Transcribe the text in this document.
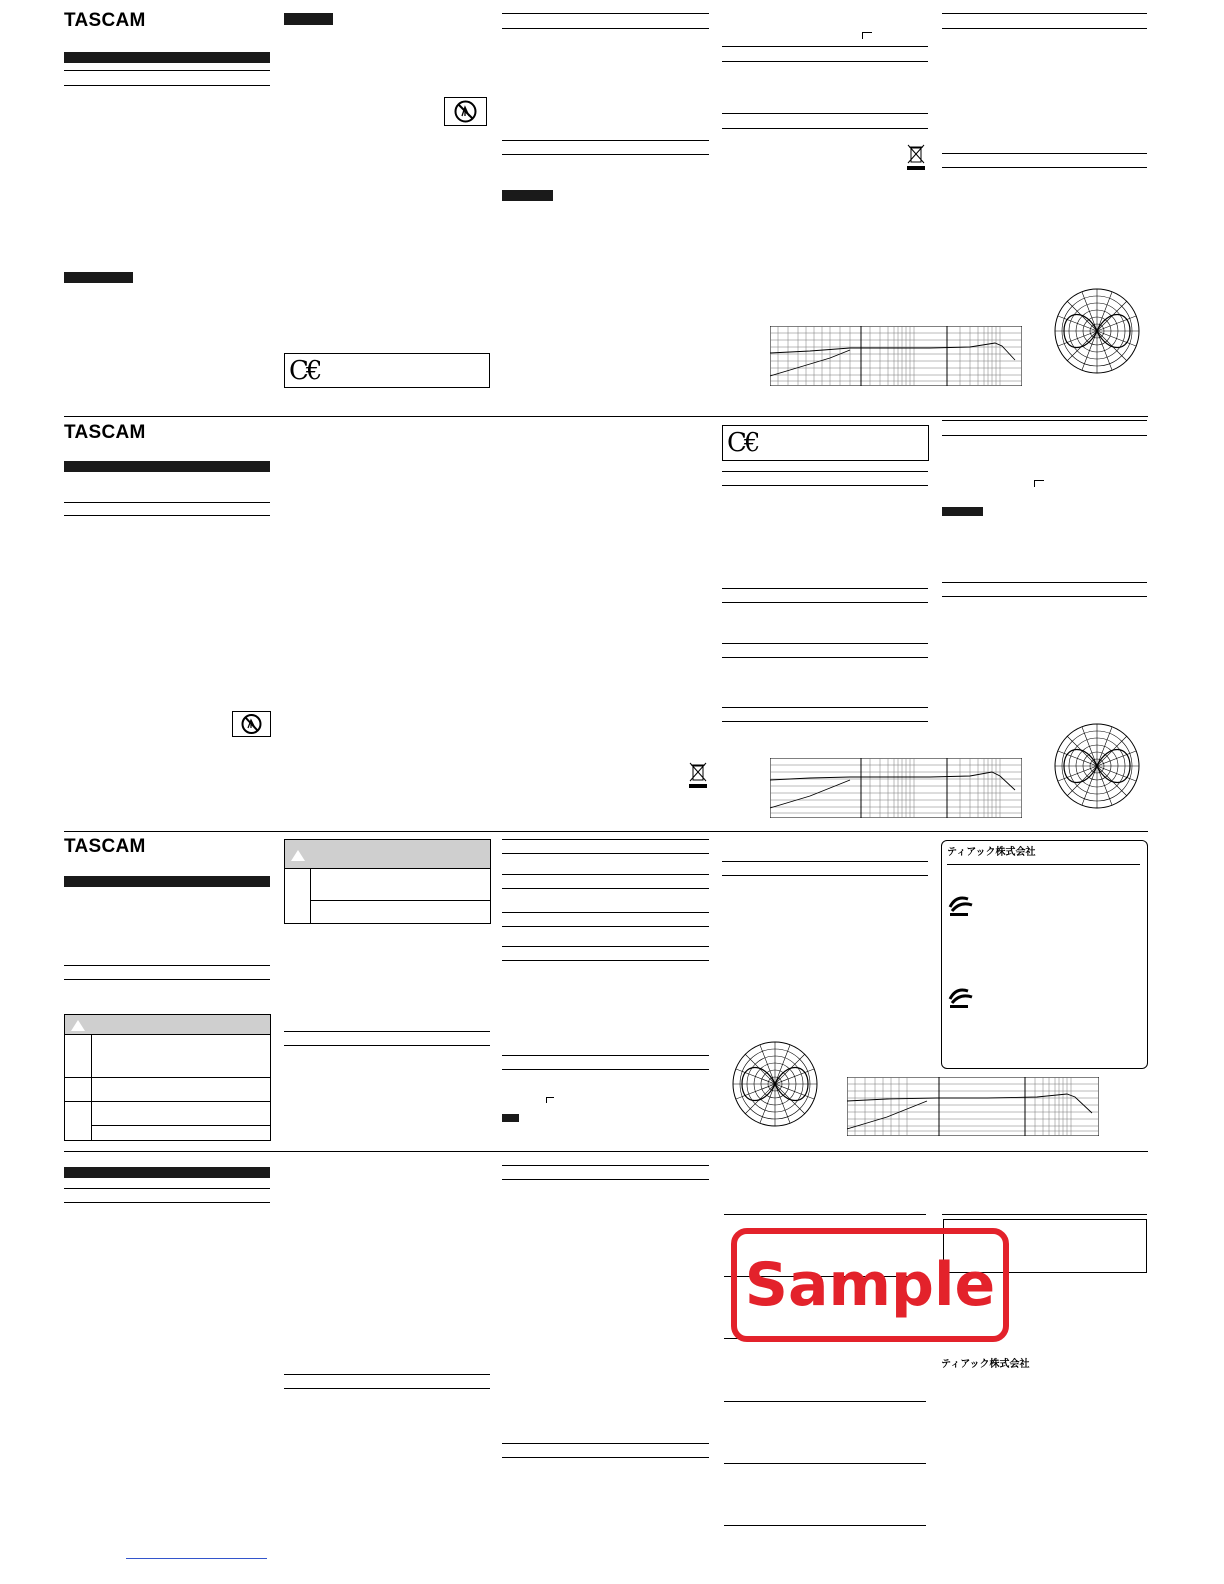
TASCAM
C€
TASCAM	C€
TASCAM	ティアック株式会社
ティアック株式会社
Sample
